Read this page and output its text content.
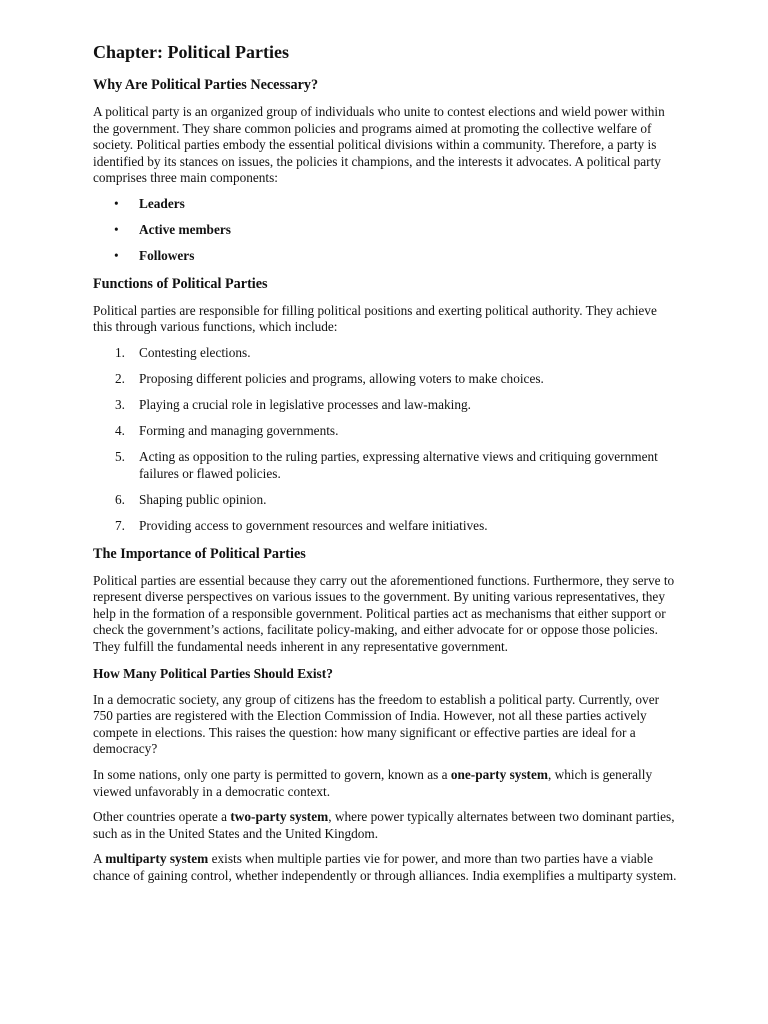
Chapter: Political Parties
Why Are Political Parties Necessary?

A political party is an organized group of individuals who unite to contest elections and wield power within the government. They share common policies and programs aimed at promoting the collective welfare of society. Political parties embody the essential political divisions within a community. Therefore, a party is identified by its stances on issues, the policies it champions, and the interests it advocates. A political party comprises three main components:

• Leaders
• Active members
• Followers
Functions of Political Parties

Political parties are responsible for filling political positions and exerting political authority. They achieve this through various functions, which include:

1. Contesting elections.
2. Proposing different policies and programs, allowing voters to make choices.
3. Playing a crucial role in legislative processes and law-making.
4. Forming and managing governments.
5. Acting as opposition to the ruling parties, expressing alternative views and critiquing government failures or flawed policies.
6. Shaping public opinion.
7. Providing access to government resources and welfare initiatives.
The Importance of Political Parties

Political parties are essential because they carry out the aforementioned functions. Furthermore, they serve to represent diverse perspectives on various issues to the government. By uniting various representatives, they help in the formation of a responsible government. Political parties act as mechanisms that either support or check the government’s actions, facilitate policy-making, and either advocate for or oppose those policies. They fulfill the fundamental needs inherent in any representative government.

How Many Political Parties Should Exist?

In a democratic society, any group of citizens has the freedom to establish a political party. Currently, over 750 parties are registered with the Election Commission of India. However, not all these parties actively compete in elections. This raises the question: how many significant or effective parties are ideal for a democracy?

In some nations, only one party is permitted to govern, known as a one-party system, which is generally viewed unfavorably in a democratic context.

Other countries operate a two-party system, where power typically alternates between two dominant parties, such as in the United States and the United Kingdom.

A multiparty system exists when multiple parties vie for power, and more than two parties have a viable chance of gaining control, whether independently or through alliances. India exemplifies a multiparty system.
